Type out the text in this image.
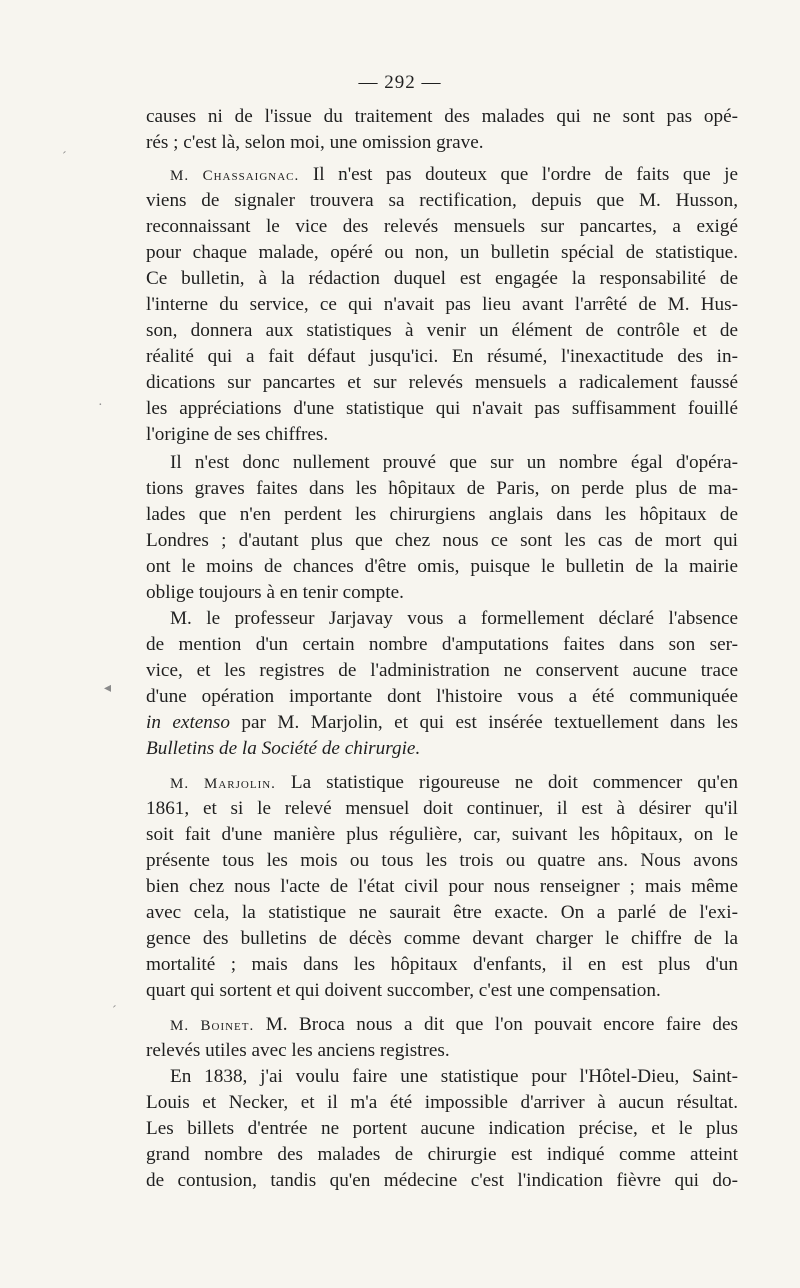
— 292 —
causes ni de l'issue du traitement des malades qui ne sont pas opé-
rés ; c'est là, selon moi, une omission grave.
M. Chassaignac. Il n'est pas douteux que l'ordre de faits que je
viens de signaler trouvera sa rectification, depuis que M. Husson,
reconnaissant le vice des relevés mensuels sur pancartes, a exigé
pour chaque malade, opéré ou non, un bulletin spécial de statistique.
Ce bulletin, à la rédaction duquel est engagée la responsabilité de
l'interne du service, ce qui n'avait pas lieu avant l'arrêté de M. Hus-
son, donnera aux statistiques à venir un élément de contrôle et de
réalité qui a fait défaut jusqu'ici. En résumé, l'inexactitude des in-
dications sur pancartes et sur relevés mensuels a radicalement faussé
les appréciations d'une statistique qui n'avait pas suffisamment fouillé
l'origine de ses chiffres.
Il n'est donc nullement prouvé que sur un nombre égal d'opéra-
tions graves faites dans les hôpitaux de Paris, on perde plus de ma-
lades que n'en perdent les chirurgiens anglais dans les hôpitaux de
Londres ; d'autant plus que chez nous ce sont les cas de mort qui
ont le moins de chances d'être omis, puisque le bulletin de la mairie
oblige toujours à en tenir compte.
M. le professeur Jarjavay vous a formellement déclaré l'absence
de mention d'un certain nombre d'amputations faites dans son ser-
vice, et les registres de l'administration ne conservent aucune trace
d'une opération importante dont l'histoire vous a été communiquée
in extenso par M. Marjolin, et qui est insérée textuellement dans les
Bulletins de la Société de chirurgie.
M. Marjolin. La statistique rigoureuse ne doit commencer qu'en
1861, et si le relevé mensuel doit continuer, il est à désirer qu'il
soit fait d'une manière plus régulière, car, suivant les hôpitaux, on le
présente tous les mois ou tous les trois ou quatre ans. Nous avons
bien chez nous l'acte de l'état civil pour nous renseigner ; mais même
avec cela, la statistique ne saurait être exacte. On a parlé de l'exi-
gence des bulletins de décès comme devant charger le chiffre de la
mortalité ; mais dans les hôpitaux d'enfants, il en est plus d'un
quart qui sortent et qui doivent succomber, c'est une compensation.
M. Boinet. M. Broca nous a dit que l'on pouvait encore faire des
relevés utiles avec les anciens registres.
En 1838, j'ai voulu faire une statistique pour l'Hôtel-Dieu, Saint-
Louis et Necker, et il m'a été impossible d'arriver à aucun résultat.
Les billets d'entrée ne portent aucune indication précise, et le plus
grand nombre des malades de chirurgie est indiqué comme atteint
de contusion, tandis qu'en médecine c'est l'indication fièvre qui do-
ˊ
·
◂
ˊ
